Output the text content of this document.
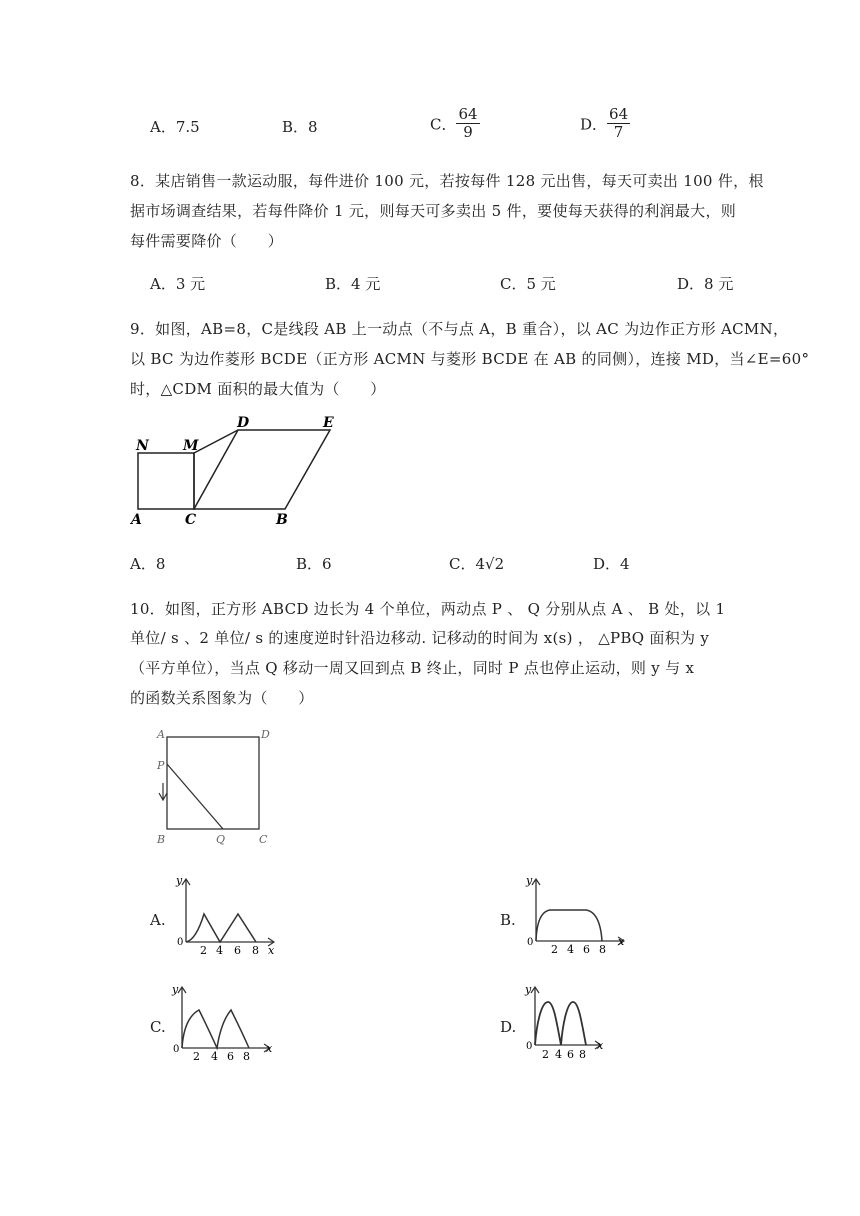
A．7.5	B．8	C． $\frac{64}{9}$	D． $\frac{64}{7}$
8．某店销售一款运动服，每件进价 100 元，若按每件 128 元出售，每天可卖出 100 件，根
据市场调查结果，若每件降价 1 元，则每天可多卖出 5 件，要使每天获得的利润最大，则
每件需要降价（　　）
A．3 元	B．4 元	C．5 元	D．8 元
9．如图，AB=8，C是线段 AB 上一动点（不与点 A，B 重合），以 AC 为边作正方形 ACMN，
以 BC 为边作菱形 BCDE（正方形 ACMN 与菱形 BCDE 在 AB 的同侧），连接 MD，当∠E=60°
时，△CDM 面积的最大值为（　　）
N M
D	E
A	C	B
A．8	B．6	C．4√2	D．4
10．如图，正方形 ABCD 边长为 4 个单位，两动点 P 、 Q 分别从点 A 、 B 处，以 1
单位/ s 、2 单位/ s 的速度逆时针沿边移动. 记移动的时间为 x(s) ， △PBQ 面积为 y
（平方单位），当点 Q 移动一周又回到点 B 终止，同时 P 点也停止运动，则 y 与 x
的函数关系图象为（　　）
A	D
P
B	Q	C
A.
y
0
2 4 6 8 x
B.
y
0
2 4 6 8
x
C.
y
0
2 4 6 8
x
D.
y
0
2 4 6 8
x
